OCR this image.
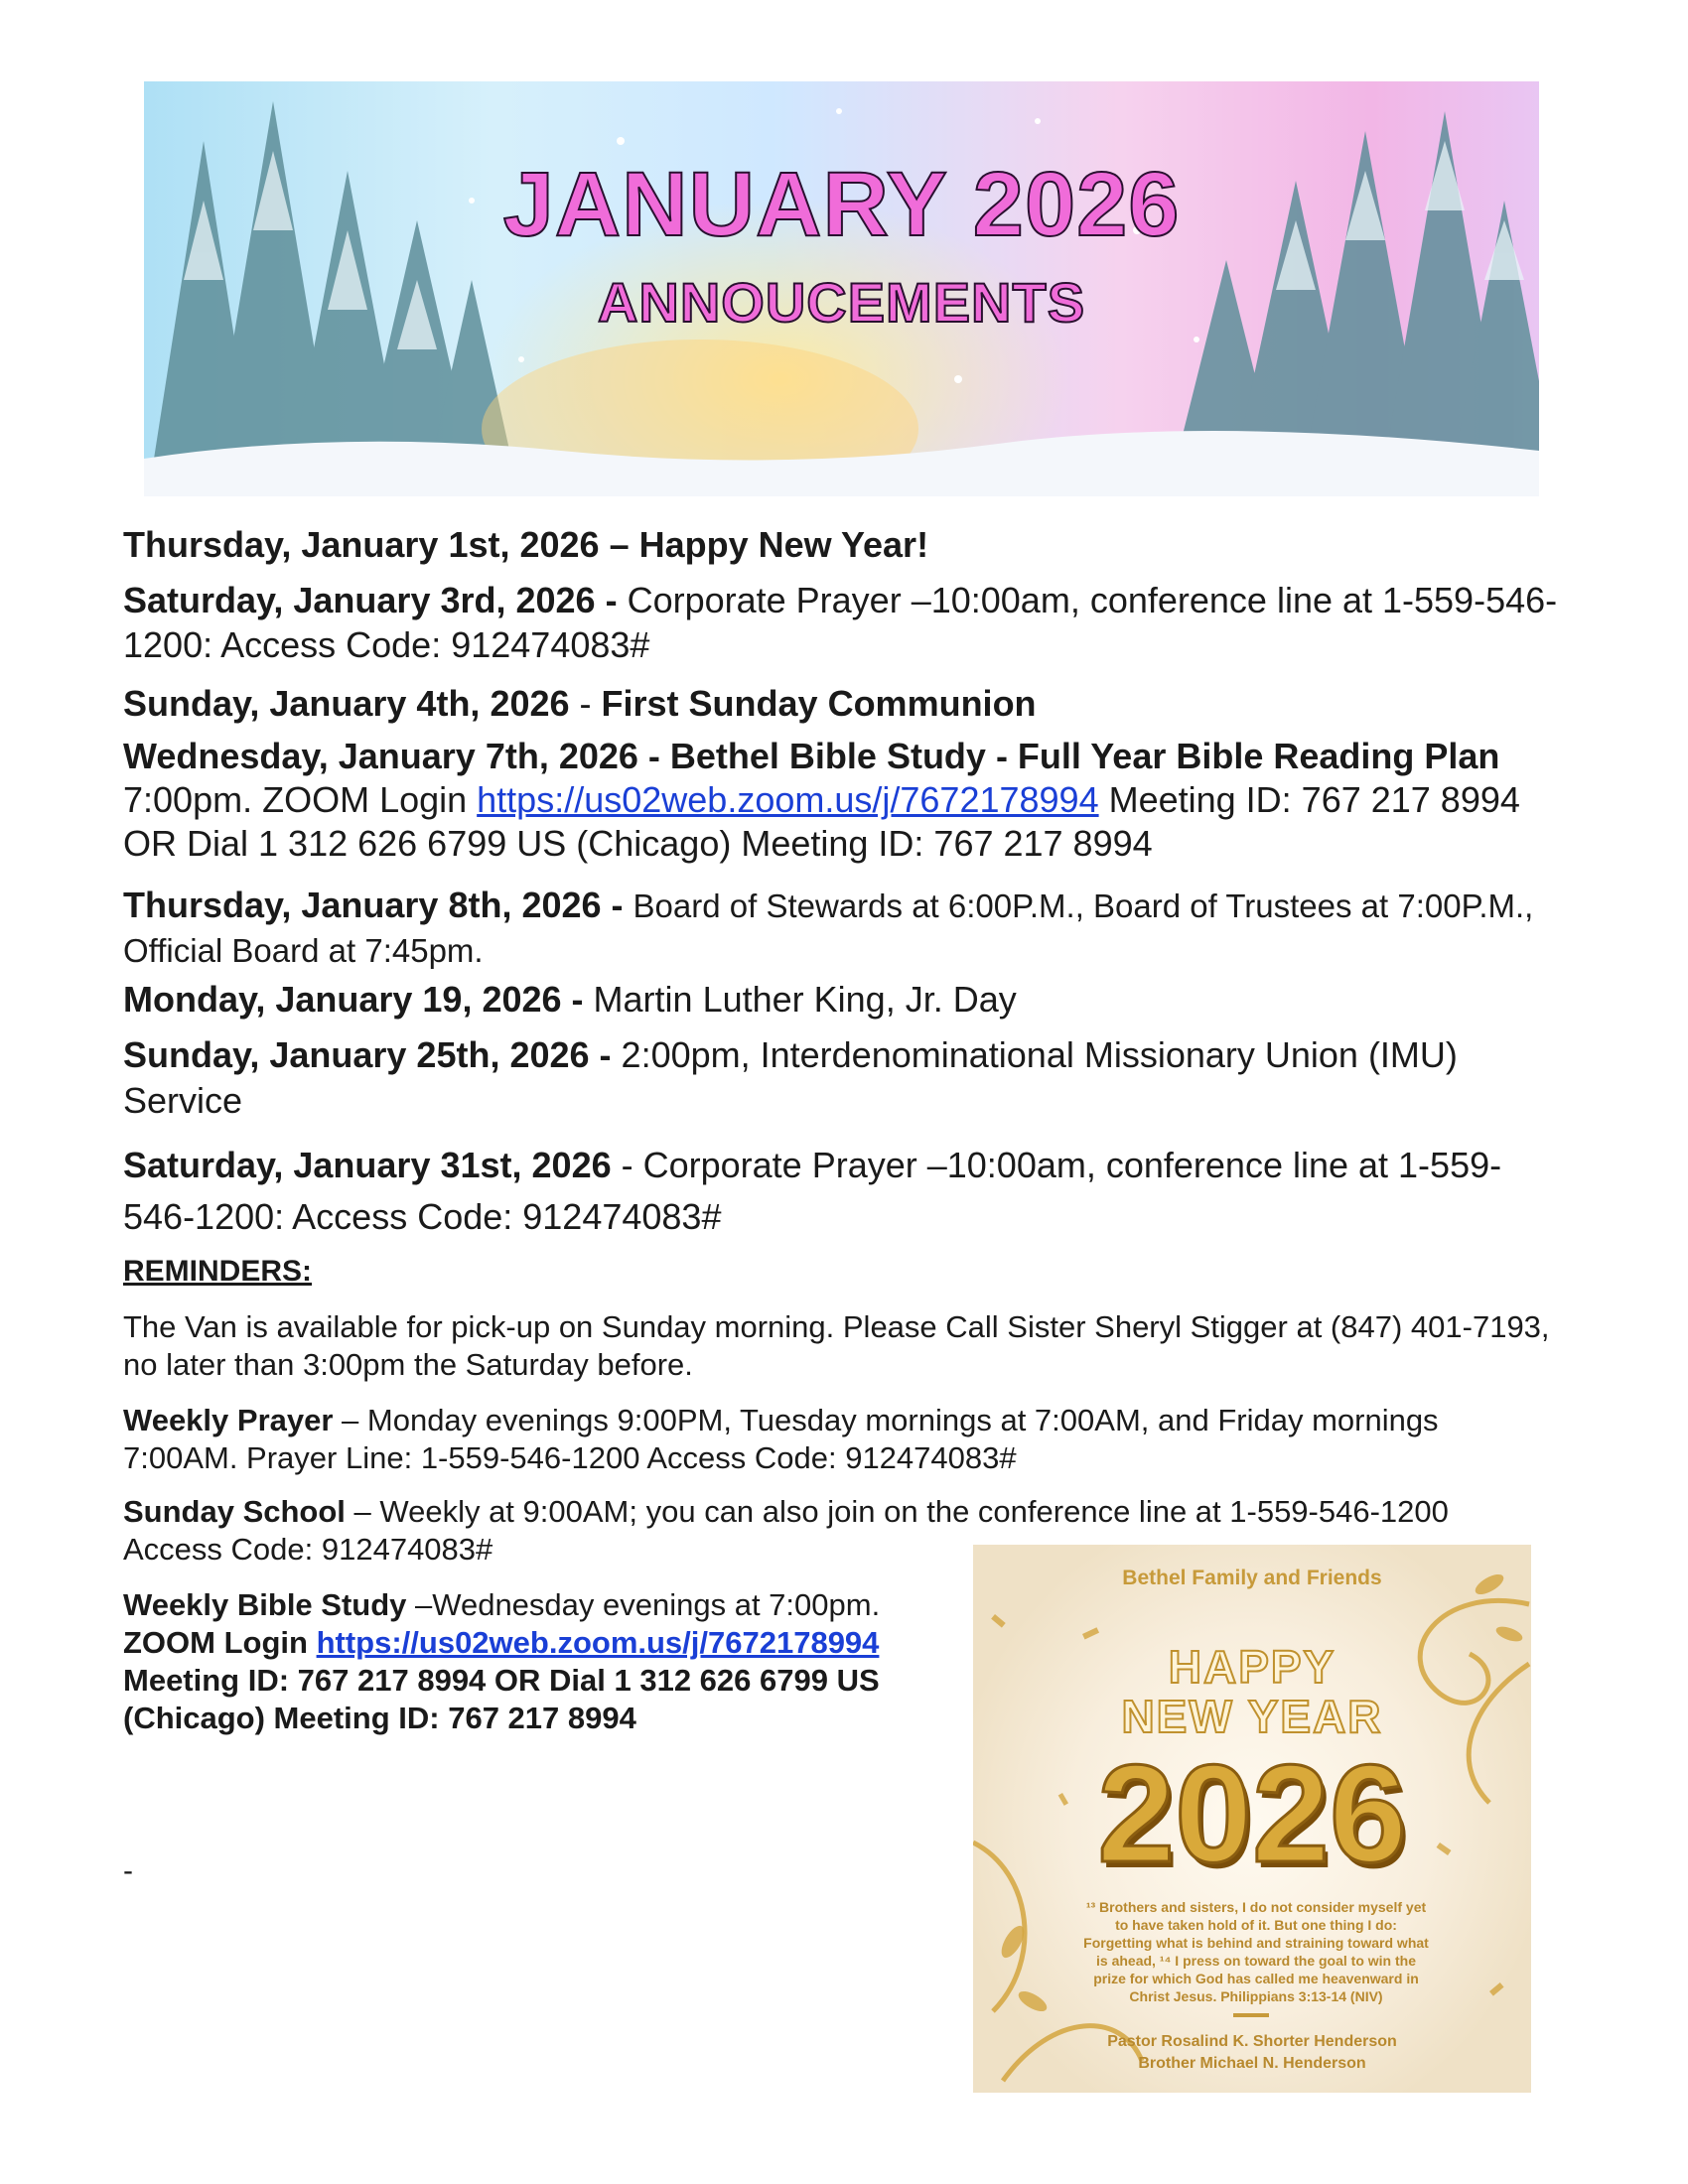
JANUARY 2026
ANNOUCEMENTS

Thursday, January 1st, 2026 – Happy New Year!

Saturday, January 3rd, 2026 - Corporate Prayer –10:00am, conference line at 1-559-546-1200: Access Code: 912474083#

Sunday, January 4th, 2026 - First Sunday Communion

Wednesday, January 7th, 2026 - Bethel Bible Study - Full Year Bible Reading Plan 7:00pm. ZOOM Login https://us02web.zoom.us/j/7672178994 Meeting ID: 767 217 8994 OR Dial 1 312 626 6799 US (Chicago) Meeting ID: 767 217 8994

Thursday, January 8th, 2026 - Board of Stewards at 6:00P.M., Board of Trustees at 7:00P.M., Official Board at 7:45pm.

Monday, January 19, 2026 - Martin Luther King, Jr. Day

Sunday, January 25th, 2026 - 2:00pm, Interdenominational Missionary Union (IMU) Service

Saturday, January 31st, 2026 - Corporate Prayer –10:00am, conference line at 1-559-546-1200: Access Code: 912474083#

REMINDERS:

The Van is available for pick-up on Sunday morning. Please Call Sister Sheryl Stigger at (847) 401-7193, no later than 3:00pm the Saturday before.

Weekly Prayer – Monday evenings 9:00PM, Tuesday mornings at 7:00AM, and Friday mornings 7:00AM. Prayer Line: 1-559-546-1200 Access Code: 912474083#

Sunday School – Weekly at 9:00AM; you can also join on the conference line at 1-559-546-1200 Access Code: 912474083#

Weekly Bible Study –Wednesday evenings at 7:00pm.
ZOOM Login https://us02web.zoom.us/j/7672178994
Meeting ID: 767 217 8994 OR Dial 1 312 626 6799 US (Chicago) Meeting ID: 767 217 8994

-
Bethel Family and Friends
HAPPY
NEW YEAR
2026
¹³ Brothers and sisters, I do not consider myself yet to have taken hold of it. But one thing I do: Forgetting what is behind and straining toward what is ahead, ¹⁴ I press on toward the goal to win the prize for which God has called me heavenward in Christ Jesus. Philippians 3:13-14 (NIV)
Pastor Rosalind K. Shorter Henderson
Brother Michael N. Henderson
